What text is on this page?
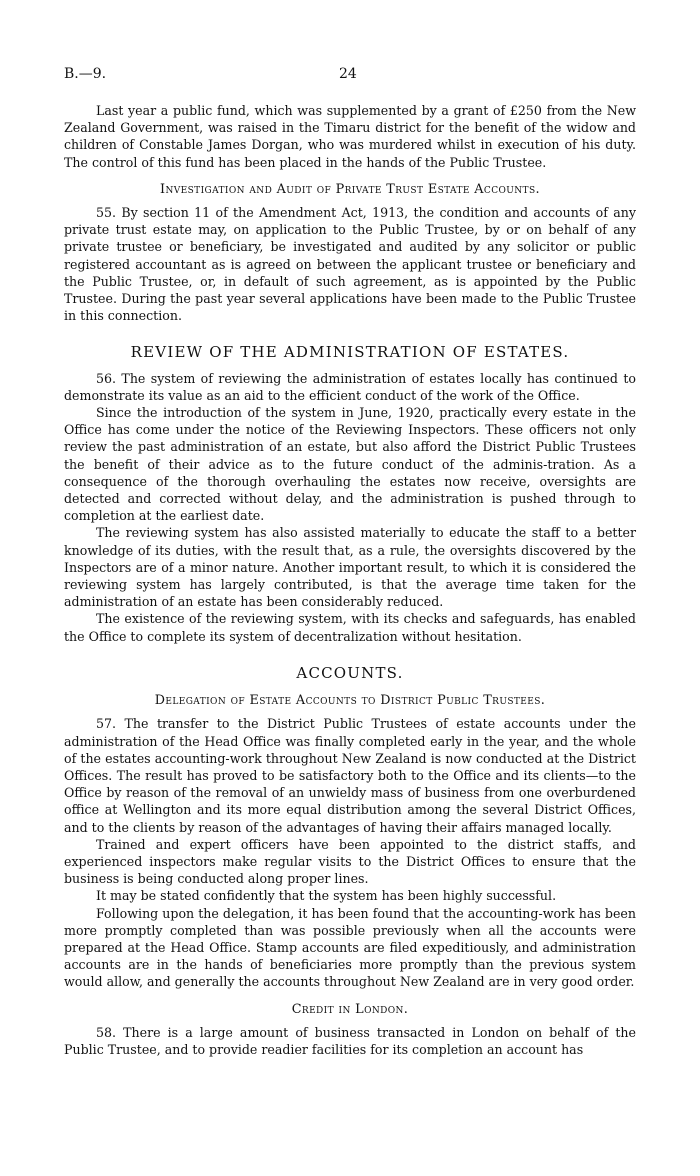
B.—9.	24

Last year a public fund, which was supplemented by a grant of £250 from the New Zealand Government, was raised in the Timaru district for the benefit of the widow and children of Constable James Dorgan, who was murdered whilst in execution of his duty. The control of this fund has been placed in the hands of the Public Trustee.

Investigation and Audit of Private Trust Estate Accounts.

55. By section 11 of the Amendment Act, 1913, the condition and accounts of any private trust estate may, on application to the Public Trustee, by or on behalf of any private trustee or beneficiary, be investigated and audited by any solicitor or public registered accountant as is agreed on between the applicant trustee or beneficiary and the Public Trustee, or, in default of such agreement, as is appointed by the Public Trustee. During the past year several applications have been made to the Public Trustee in this connection.

REVIEW OF THE ADMINISTRATION OF ESTATES.

56. The system of reviewing the administration of estates locally has continued to demonstrate its value as an aid to the efficient conduct of the work of the Office.

Since the introduction of the system in June, 1920, practically every estate in the Office has come under the notice of the Reviewing Inspectors. These officers not only review the past administration of an estate, but also afford the District Public Trustees the benefit of their advice as to the future conduct of the adminis-tration. As a consequence of the thorough overhauling the estates now receive, oversights are detected and corrected without delay, and the administration is pushed through to completion at the earliest date.

The reviewing system has also assisted materially to educate the staff to a better knowledge of its duties, with the result that, as a rule, the oversights discovered by the Inspectors are of a minor nature. Another important result, to which it is considered the reviewing system has largely contributed, is that the average time taken for the administration of an estate has been considerably reduced.

The existence of the reviewing system, with its checks and safeguards, has enabled the Office to complete its system of decentralization without hesitation.

ACCOUNTS.

Delegation of Estate Accounts to District Public Trustees.

57. The transfer to the District Public Trustees of estate accounts under the administration of the Head Office was finally completed early in the year, and the whole of the estates accounting-work throughout New Zealand is now conducted at the District Offices. The result has proved to be satisfactory both to the Office and its clients—to the Office by reason of the removal of an unwieldy mass of business from one overburdened office at Wellington and its more equal distribution among the several District Offices, and to the clients by reason of the advantages of having their affairs managed locally.

Trained and expert officers have been appointed to the district staffs, and experienced inspectors make regular visits to the District Offices to ensure that the business is being conducted along proper lines.

It may be stated confidently that the system has been highly successful.

Following upon the delegation, it has been found that the accounting-work has been more promptly completed than was possible previously when all the accounts were prepared at the Head Office. Stamp accounts are filed expeditiously, and administration accounts are in the hands of beneficiaries more promptly than the previous system would allow, and generally the accounts throughout New Zealand are in very good order.

Credit in London.

58. There is a large amount of business transacted in London on behalf of the Public Trustee, and to provide readier facilities for its completion an account has
